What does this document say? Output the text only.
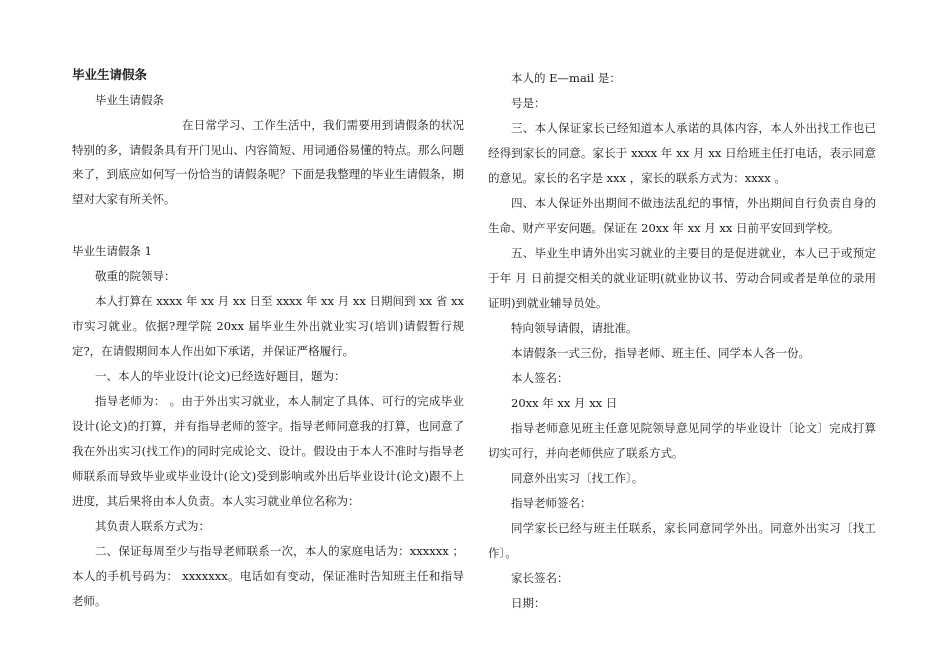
毕业生请假条

毕业生请假条

在日常学习、工作生活中，我们需要用到请假条的状况特别的多，请假条具有开门见山、内容简短、用词通俗易懂的特点。那么问题来了，到底应如何写一份恰当的请假条呢？下面是我整理的毕业生请假条，期望对大家有所关怀。

毕业生请假条 1

敬重的院领导：

本人打算在 xxxx 年 xx 月 xx 日至 xxxx 年 xx 月 xx 日期间到 xx 省 xx 市实习就业。依据?理学院 20xx 届毕业生外出就业实习(培训)请假暂行规定?，在请假期间本人作出如下承诺，并保证严格履行。

一、本人的毕业设计(论文)已经选好题目，题为：

指导老师为： 。由于外出实习就业，本人制定了具体、可行的完成毕业设计(论文)的打算，并有指导老师的签字。指导老师同意我的打算，也同意了我在外出实习(找工作)的同时完成论文、设计。假设由于本人不准时与指导老师联系而导致毕业或毕业设计(论文)受到影响或外出后毕业设计(论文)跟不上进度，其后果将由本人负责。本人实习就业单位名称为：

其负责人联系方式为：

二、保证每周至少与指导老师联系一次，本人的家庭电话为：xxxxxx ； 本人的手机号码为： xxxxxxx。电话如有变动，保证准时告知班主任和指导老师。

本人的 E—mail 是：

号是：

三、本人保证家长已经知道本人承诺的具体内容，本人外出找工作也已经得到家长的同意。家长于 xxxx 年 xx 月 xx 日给班主任打电话，表示同意的意见。家长的名字是 xxx ，家长的联系方式为：xxxx 。

四、本人保证外出期间不做违法乱纪的事情，外出期间自行负责自身的生命、财产平安问题。保证在 20xx 年 xx 月 xx 日前平安回到学校。

五、毕业生申请外出实习就业的主要目的是促进就业，本人已于或预定于年 月 日前提交相关的就业证明(就业协议书、劳动合同或者是单位的录用证明)到就业辅导员处。

特向领导请假，请批准。

本请假条一式三份，指导老师、班主任、同学本人各一份。

本人签名：

20xx 年 xx 月 xx 日

指导老师意见班主任意见院领导意见同学的毕业设计〔论文〕完成打算切实可行，并向老师供应了联系方式。

同意外出实习〔找工作〕。

指导老师签名：

同学家长已经与班主任联系，家长同意同学外出。同意外出实习〔找工作〕。

家长签名：

日期：
